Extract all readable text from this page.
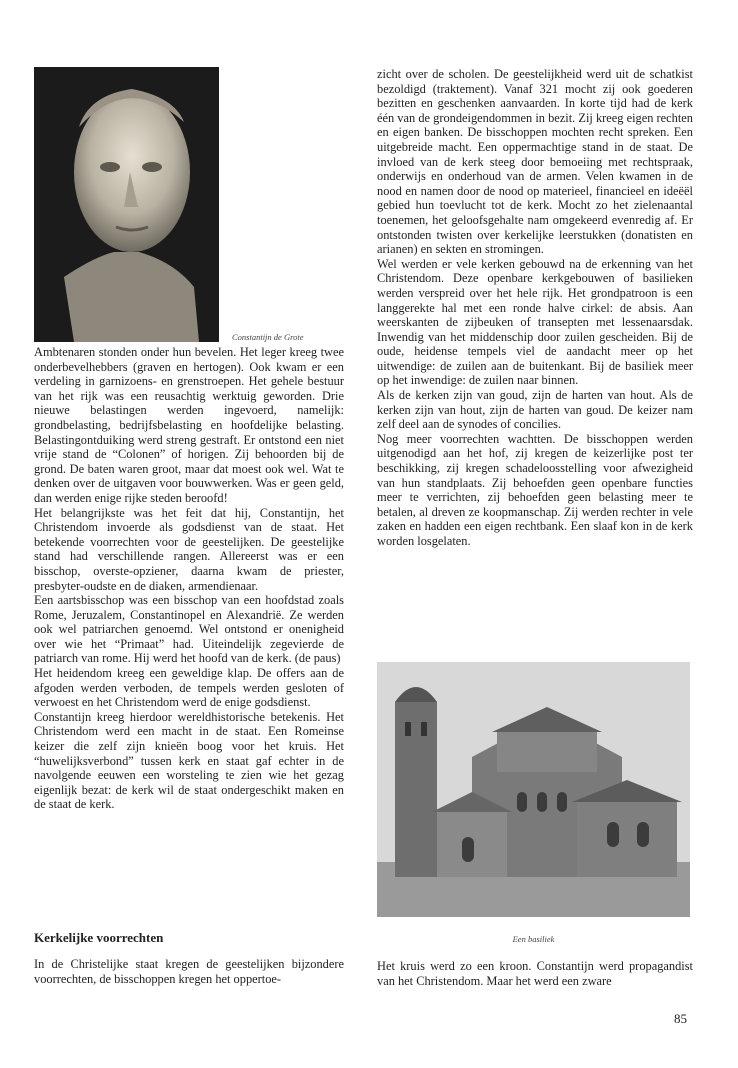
Constantijn de Grote

Ambtenaren stonden onder hun bevelen. Het leger kreeg twee onderbevelhebbers (graven en hertogen). Ook kwam er een verdeling in garnizoens- en grenstroepen. Het gehele bestuur van het rijk was een reusachtig werktuig geworden. Drie nieuwe belastingen werden ingevoerd, namelijk: grondbelasting, bedrijfsbelasting en hoofdelijke belasting. Belastingontduiking werd streng gestraft. Er ontstond een niet vrije stand de “Colonen” of horigen. Zij behoorden bij de grond. De baten waren groot, maar dat moest ook wel. Wat te denken over de uitgaven voor bouwwerken. Was er geen geld, dan werden enige rijke steden beroofd!

Het belangrijkste was het feit dat hij, Constantijn, het Christendom invoerde als godsdienst van de staat. Het betekende voorrechten voor de geestelijken. De geestelijke stand had verschillende rangen. Allereerst was er een bisschop, overste-opziener, daarna kwam de priester, presbyter-oudste en de diaken, armendienaar.

Een aartsbisschop was een bisschop van een hoofdstad zoals Rome, Jeruzalem, Constantinopel en Alexandrië. Ze werden ook wel patriarchen genoemd. Wel ontstond er onenigheid over wie het “Primaat” had. Uiteindelijk zegevierde de patriarch van rome. Hij werd het hoofd van de kerk. (de paus)

Het heidendom kreeg een geweldige klap. De offers aan de afgoden werden verboden, de tempels werden gesloten of verwoest en het Christendom werd de enige godsdienst.

Constantijn kreeg hierdoor wereldhistorische betekenis. Het Christendom werd een macht in de staat. Een Romeinse keizer die zelf zijn knieën boog voor het kruis. Het “huwelijksverbond” tussen kerk en staat gaf echter in de navolgende eeuwen een worsteling te zien wie het gezag eigenlijk bezat: de kerk wil de staat ondergeschikt maken en de staat de kerk.

Kerkelijke voorrechten

In de Christelijke staat kregen de geestelijken bijzondere voorrechten, de bisschoppen kregen het oppertoe-

zicht over de scholen. De geestelijkheid werd uit de schatkist bezoldigd (traktement). Vanaf 321 mocht zij ook goederen bezitten en geschenken aanvaarden. In korte tijd had de kerk één van de grondeigendommen in bezit. Zij kreeg eigen rechten en eigen banken. De bisschoppen mochten recht spreken. Een uitgebreide macht. Een oppermachtige stand in de staat. De invloed van de kerk steeg door bemoeiing met rechtspraak, onderwijs en onderhoud van de armen. Velen kwamen in de nood en namen door de nood op materieel, financieel en ideëël gebied hun toevlucht tot de kerk. Mocht zo het zielenaantal toenemen, het geloofsgehalte nam omgekeerd evenredig af. Er ontstonden twisten over kerkelijke leerstukken (donatisten en arianen) en sekten en stromingen.

Wel werden er vele kerken gebouwd na de erkenning van het Christendom. Deze openbare kerkgebouwen of basilieken werden verspreid over het hele rijk. Het grondpatroon is een langgerekte hal met een ronde halve cirkel: de absis. Aan weerskanten de zijbeuken of transepten met lessenaarsdak. Inwendig van het middenschip door zuilen gescheiden. Bij de oude, heidense tempels viel de aandacht meer op het uitwendige: de zuilen aan de buitenkant. Bij de basiliek meer op het inwendige: de zuilen naar binnen.

Als de kerken zijn van goud, zijn de harten van hout. Als de kerken zijn van hout, zijn de harten van goud. De keizer nam zelf deel aan de synodes of concilies.

Nog meer voorrechten wachtten. De bisschoppen werden uitgenodigd aan het hof, zij kregen de keizerlijke post ter beschikking, zij kregen schadeloosstelling voor afwezigheid van hun standplaats. Zij behoefden geen openbare functies meer te verrichten, zij behoefden geen belasting meer te betalen, al dreven ze koopmanschap. Zij werden rechter in vele zaken en hadden een eigen rechtbank. Een slaaf kon in de kerk worden losgelaten.

Een basiliek

Het kruis werd zo een kroon. Constantijn werd propagandist van het Christendom. Maar het werd een zware

85
